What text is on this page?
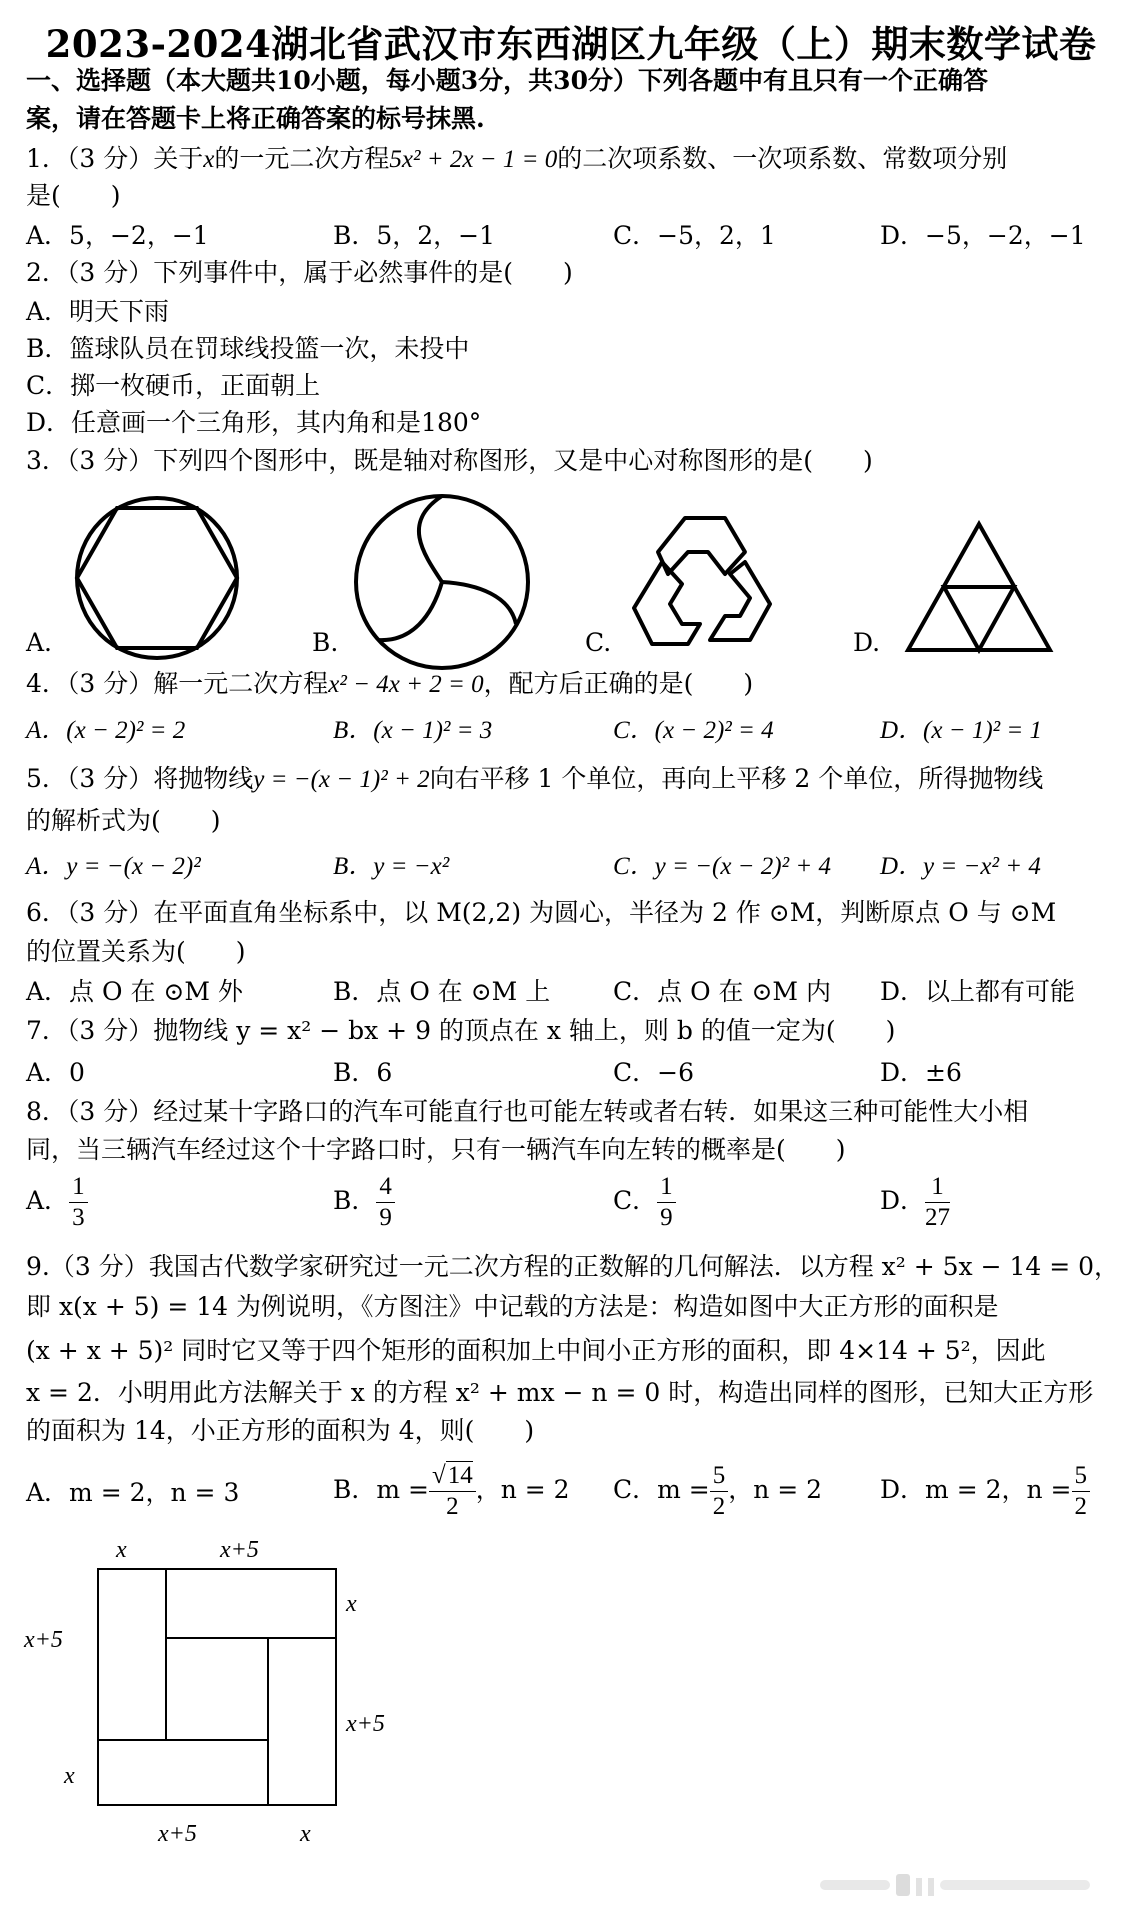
2023-2024湖北省武汉市东西湖区九年级（上）期末数学试卷
一、选择题（本大题共10小题，每小题3分，共30分）下列各题中有且只有一个正确答
案，请在答题卡上将正确答案的标号抹黑.
1．（3 分）关于x的一元二次方程5x² + 2x − 1 = 0的二次项系数、一次项系数、常数项分别
是(　　)
A．5，−2，−1	B．5，2，−1	C．−5，2，1	D．−5，−2，−1
2．（3 分）下列事件中，属于必然事件的是(　　)
A．明天下雨
B．篮球队员在罚球线投篮一次，未投中
C．掷一枚硬币，正面朝上
D．任意画一个三角形，其内角和是180°
3．（3 分）下列四个图形中，既是轴对称图形，又是中心对称图形的是(　　)
A.	B.	C.	D.
4．（3 分）解一元二次方程x² − 4x + 2 = 0，配方后正确的是(　　)
A．(x − 2)² = 2	B．(x − 1)² = 3	C．(x − 2)² = 4	D．(x − 1)² = 1
5．（3 分）将抛物线y = −(x − 1)² + 2向右平移 1 个单位，再向上平移 2 个单位，所得抛物线
的解析式为(　　)
A．y = −(x − 2)²	B．y = −x²	C．y = −(x − 2)² + 4 D．y = −x² + 4
6．（3 分）在平面直角坐标系中，以 M(2,2) 为圆心，半径为 2 作 ⊙M，判断原点 O 与 ⊙M
的位置关系为(　　)
A．点 O 在 ⊙M 外	B．点 O 在 ⊙M 上	C．点 O 在 ⊙M 内 D．以上都有可能
7．（3 分）抛物线 y = x² − bx + 9 的顶点在 x 轴上，则 b 的值一定为(　　)
A．0	B．6	C．−6	D．±6
8．（3 分）经过某十字路口的汽车可能直行也可能左转或者右转．如果这三种可能性大小相
同，当三辆汽车经过这个十字路口时，只有一辆汽车向左转的概率是(　　)
A． $\frac{1}{3}$	B． $\frac{4}{9}$	C． $\frac{1}{9}$	D． $\frac{1}{27}$
9.（3 分）我国古代数学家研究过一元二次方程的正数解的几何解法．以方程 x² + 5x − 14 = 0，
即 x(x + 5) = 14 为例说明，《方图注》中记载的方法是：构造如图中大正方形的面积是
(x + x + 5)² 同时它又等于四个矩形的面积加上中间小正方形的面积，即 4×14 + 5²，因此
x = 2．小明用此方法解关于 x 的方程 x² + mx − n = 0 时，构造出同样的图形，已知大正方形
的面积为 14，小正方形的面积为 4，则(　　)
A．m = 2，n = 3	B．$m = \frac{√14}{2}$ ，n = 2 C．$m = \frac{5}{2}$ ，n = 2 D．m = 2，$n = \frac{5}{2}$
x	x+5
x
x+5
x+5
x
x+5	x
